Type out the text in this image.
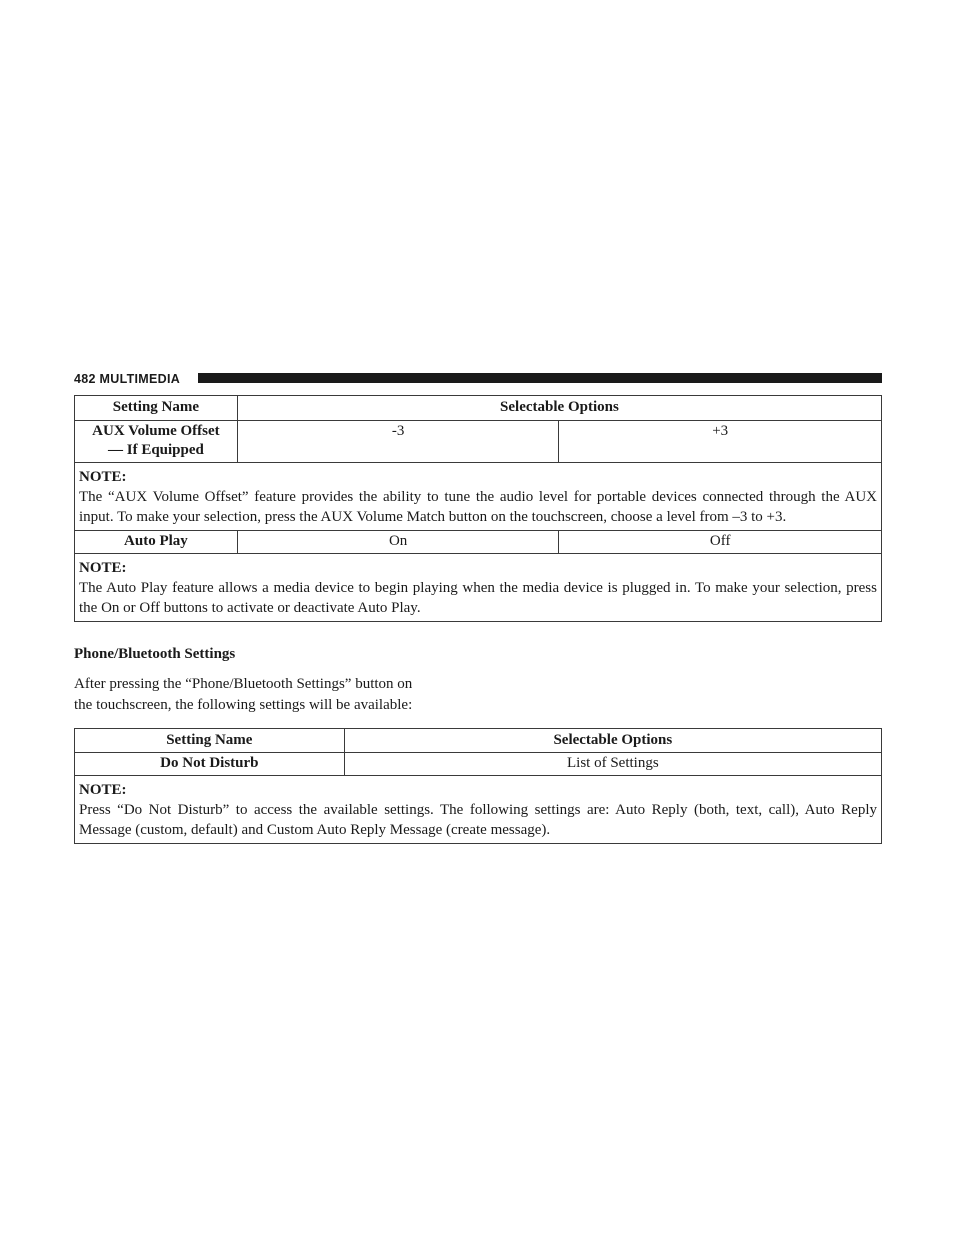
482 MULTIMEDIA
Setting Name	Selectable Options	
AUX Volume Offset
— If Equipped	-3	+3

NOTE:
The “AUX Volume Offset” feature provides the ability to tune the audio level for portable devices connected through the AUX input. To make your selection, press the AUX Volume Match button on the touchscreen, choose a level from –3 to +3.		

Auto Play	On	Off

NOTE:
The Auto Play feature allows a media device to begin playing when the media device is plugged in. To make your selection, press the On or Off buttons to activate or deactivate Auto Play.		
Phone/Bluetooth Settings
After pressing the “Phone/Bluetooth Settings” button on
the touchscreen, the following settings will be available:
Setting Name	Selectable Options
Do Not Disturb	List of Settings

NOTE:
Press “Do Not Disturb” to access the available settings. The following settings are: Auto Reply (both, text, call), Auto Reply Message (custom, default) and Custom Auto Reply Message (create message).	
